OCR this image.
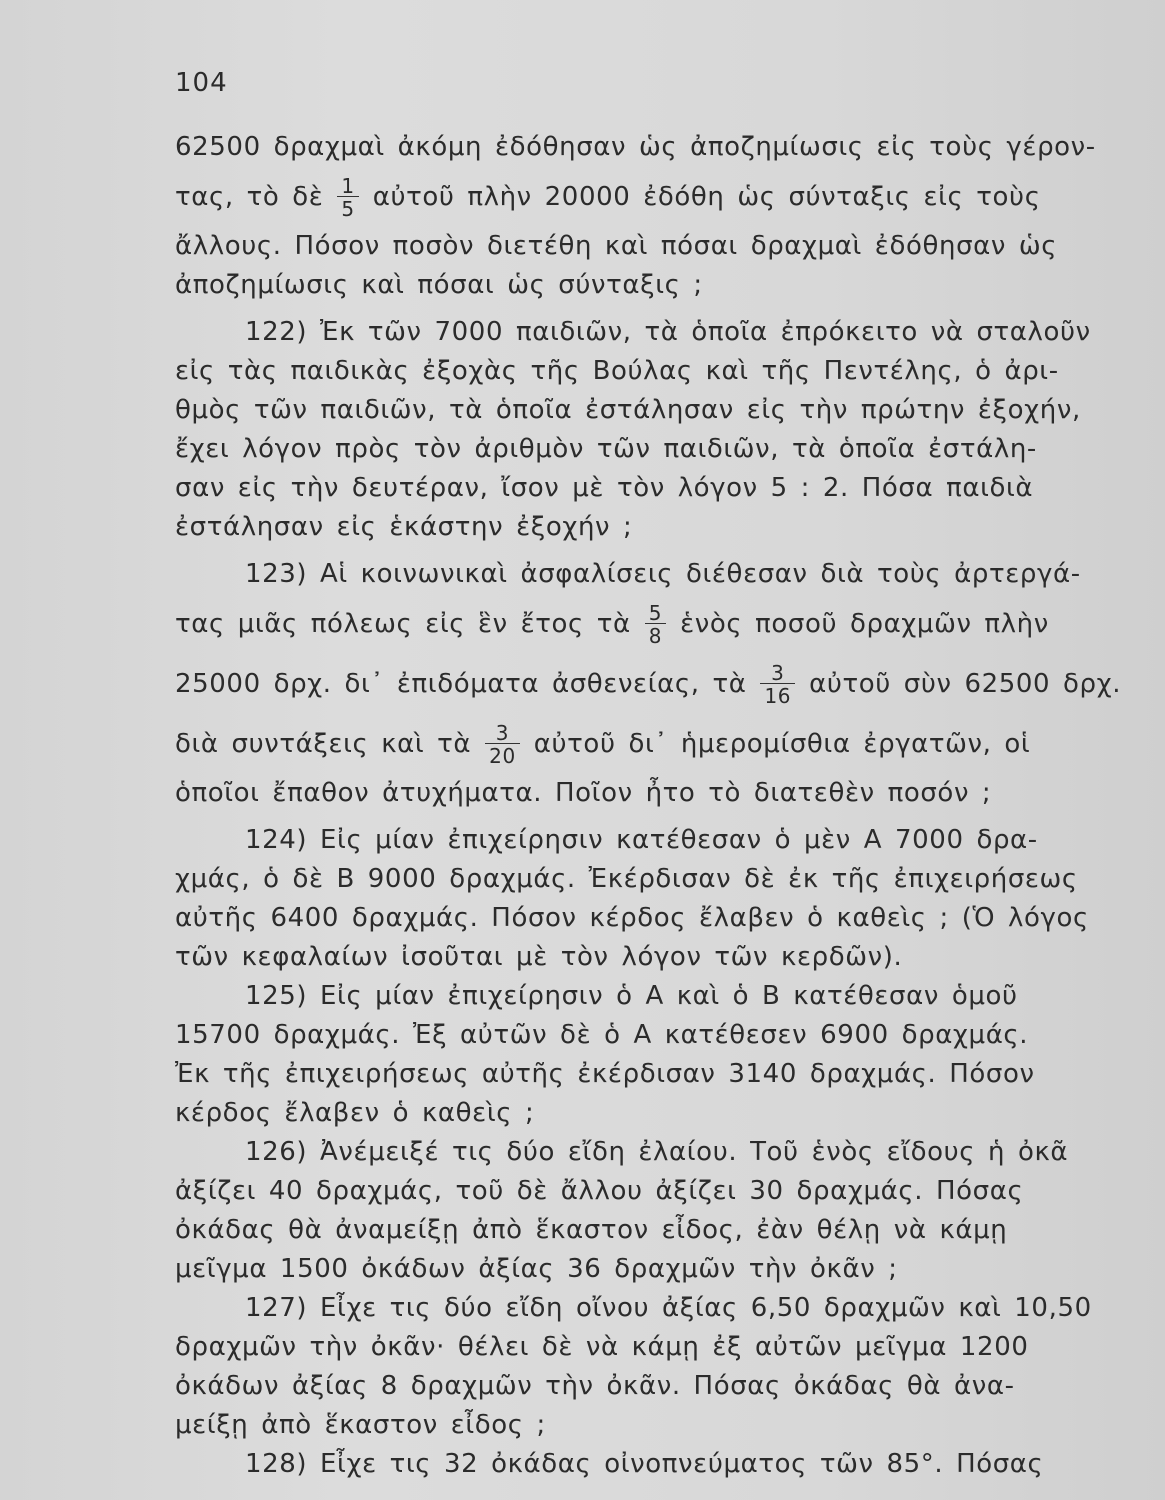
104
62500 δραχμαὶ ἀκόμη ἐδόθησαν ὡς ἀποζημίωσις εἰς τοὺς γέρον-
τας, τὸ δὲ $\frac{1}{5}$ αὐτοῦ πλὴν 20000 ἐδόθη ὡς σύνταξις εἰς τοὺς
ἄλλους. Πόσον ποσὸν διετέθη καὶ πόσαι δραχμαὶ ἐδόθησαν ὡς
ἀποζημίωσις καὶ πόσαι ὡς σύνταξις ;
122) Ἐκ τῶν 7000 παιδιῶν, τὰ ὁποῖα ἐπρόκειτο νὰ σταλοῦν
εἰς τὰς παιδικὰς ἐξοχὰς τῆς Βούλας καὶ τῆς Πεντέλης, ὁ ἀρι-
θμὸς τῶν παιδιῶν, τὰ ὁποῖα ἐστάλησαν εἰς τὴν πρώτην ἐξοχήν,
ἔχει λόγον πρὸς τὸν ἀριθμὸν τῶν παιδιῶν, τὰ ὁποῖα ἐστάλη-
σαν εἰς τὴν δευτέραν, ἴσον μὲ τὸν λόγον 5 : 2. Πόσα παιδιὰ
ἐστάλησαν εἰς ἑκάστην ἐξοχήν ;
123) Αἱ κοινωνικαὶ ἀσφαλίσεις διέθεσαν διὰ τοὺς ἀρτεργά-
τας μιᾶς πόλεως εἰς ἓν ἔτος τὰ $\frac{5}{8}$ ἑνὸς ποσοῦ δραχμῶν πλὴν
25000 δρχ. δι᾽ ἐπιδόματα ἀσθενείας, τὰ $\frac{3}{16}$ αὐτοῦ σὺν 62500 δρχ.
διὰ συντάξεις καὶ τὰ $\frac{3}{20}$ αὐτοῦ δι᾽ ἡμερομίσθια ἐργατῶν, οἱ
ὁποῖοι ἔπαθον ἀτυχήματα. Ποῖον ἦτο τὸ διατεθὲν ποσόν ;
124) Εἰς μίαν ἐπιχείρησιν κατέθεσαν ὁ μὲν Α 7000 δρα-
χμάς, ὁ δὲ Β 9000 δραχμάς. Ἐκέρδισαν δὲ ἐκ τῆς ἐπιχειρήσεως
αὐτῆς 6400 δραχμάς. Πόσον κέρδος ἔλαβεν ὁ καθεὶς ; (Ὁ λόγος
τῶν κεφαλαίων ἰσοῦται μὲ τὸν λόγον τῶν κερδῶν).
125) Εἰς μίαν ἐπιχείρησιν ὁ Α καὶ ὁ Β κατέθεσαν ὁμοῦ
15700 δραχμάς. Ἐξ αὐτῶν δὲ ὁ Α κατέθεσεν 6900 δραχμάς.
Ἐκ τῆς ἐπιχειρήσεως αὐτῆς ἐκέρδισαν 3140 δραχμάς. Πόσον
κέρδος ἔλαβεν ὁ καθεὶς ;
126) Ἀνέμειξέ τις δύο εἴδη ἐλαίου. Τοῦ ἑνὸς εἴδους ἡ ὀκᾶ
ἀξίζει 40 δραχμάς, τοῦ δὲ ἄλλου ἀξίζει 30 δραχμάς. Πόσας
ὀκάδας θὰ ἀναμείξῃ ἀπὸ ἕκαστον εἶδος, ἐὰν θέλῃ νὰ κάμῃ
μεῖγμα 1500 ὀκάδων ἀξίας 36 δραχμῶν τὴν ὀκᾶν ;
127) Εἶχε τις δύο εἴδη οἴνου ἀξίας 6,50 δραχμῶν καὶ 10,50
δραχμῶν τὴν ὀκᾶν· θέλει δὲ νὰ κάμῃ ἐξ αὐτῶν μεῖγμα 1200
ὀκάδων ἀξίας 8 δραχμῶν τὴν ὀκᾶν. Πόσας ὀκάδας θὰ ἀνα-
μείξῃ ἀπὸ ἕκαστον εἶδος ;
128) Εἶχε τις 32 ὀκάδας οἰνοπνεύματος τῶν 85°. Πόσας
